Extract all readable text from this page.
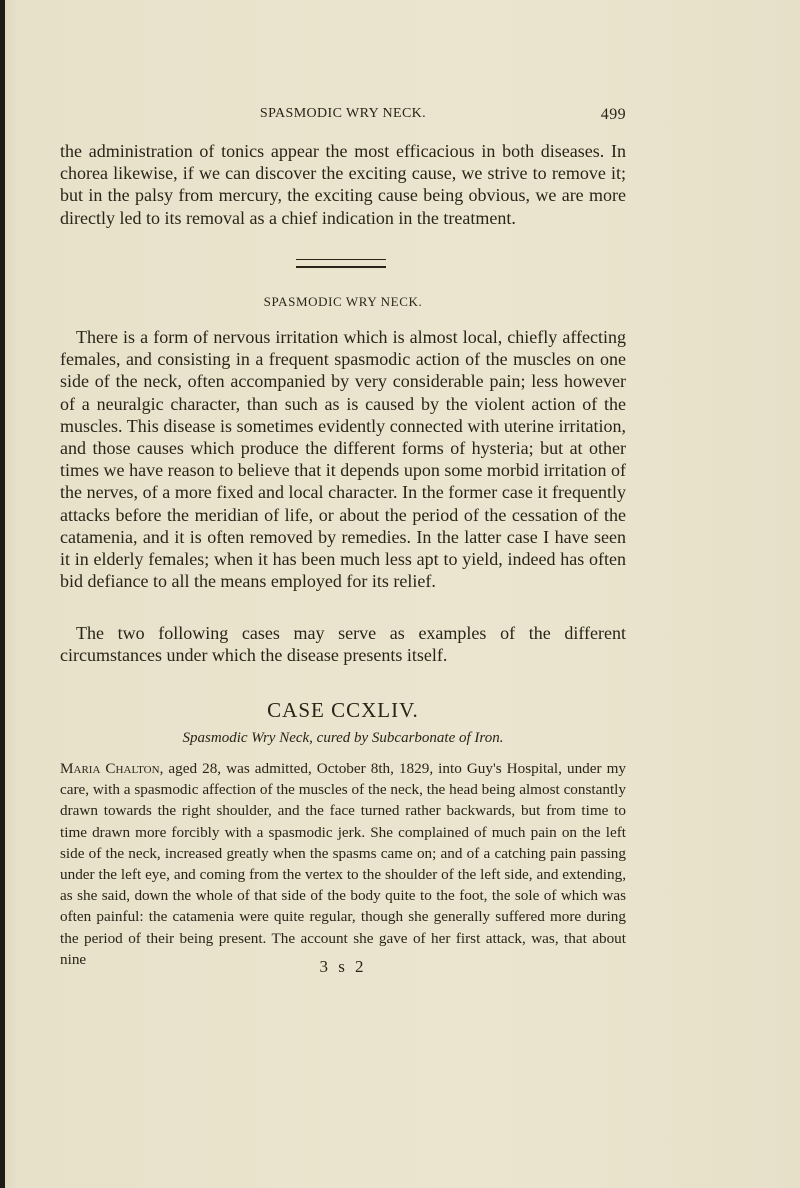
SPASMODIC WRY NECK.	499

the administration of tonics appear the most efficacious in both diseases. In chorea likewise, if we can discover the exciting cause, we strive to remove it; but in the palsy from mercury, the exciting cause being obvious, we are more directly led to its removal as a chief indication in the treatment.

SPASMODIC WRY NECK.

There is a form of nervous irritation which is almost local, chiefly affecting females, and consisting in a frequent spasmodic action of the muscles on one side of the neck, often accompanied by very considerable pain; less however of a neuralgic character, than such as is caused by the violent action of the muscles. This disease is sometimes evidently connected with uterine irritation, and those causes which produce the different forms of hysteria; but at other times we have reason to believe that it depends upon some morbid irritation of the nerves, of a more fixed and local character. In the former case it frequently attacks before the meridian of life, or about the period of the cessation of the catamenia, and it is often removed by remedies. In the latter case I have seen it in elderly females; when it has been much less apt to yield, indeed has often bid defiance to all the means employed for its relief.

The two following cases may serve as examples of the different circumstances under which the disease presents itself.

CASE CCXLIV.
Spasmodic Wry Neck, cured by Subcarbonate of Iron.

Maria Chalton, aged 28, was admitted, October 8th, 1829, into Guy's Hospital, under my care, with a spasmodic affection of the muscles of the neck, the head being almost constantly drawn towards the right shoulder, and the face turned rather backwards, but from time to time drawn more forcibly with a spasmodic jerk. She complained of much pain on the left side of the neck, increased greatly when the spasms came on; and of a catching pain passing under the left eye, and coming from the vertex to the shoulder of the left side, and extending, as she said, down the whole of that side of the body quite to the foot, the sole of which was often painful: the catamenia were quite regular, though she generally suffered more during the period of their being present. The account she gave of her first attack, was, that about nine	3 s 2
